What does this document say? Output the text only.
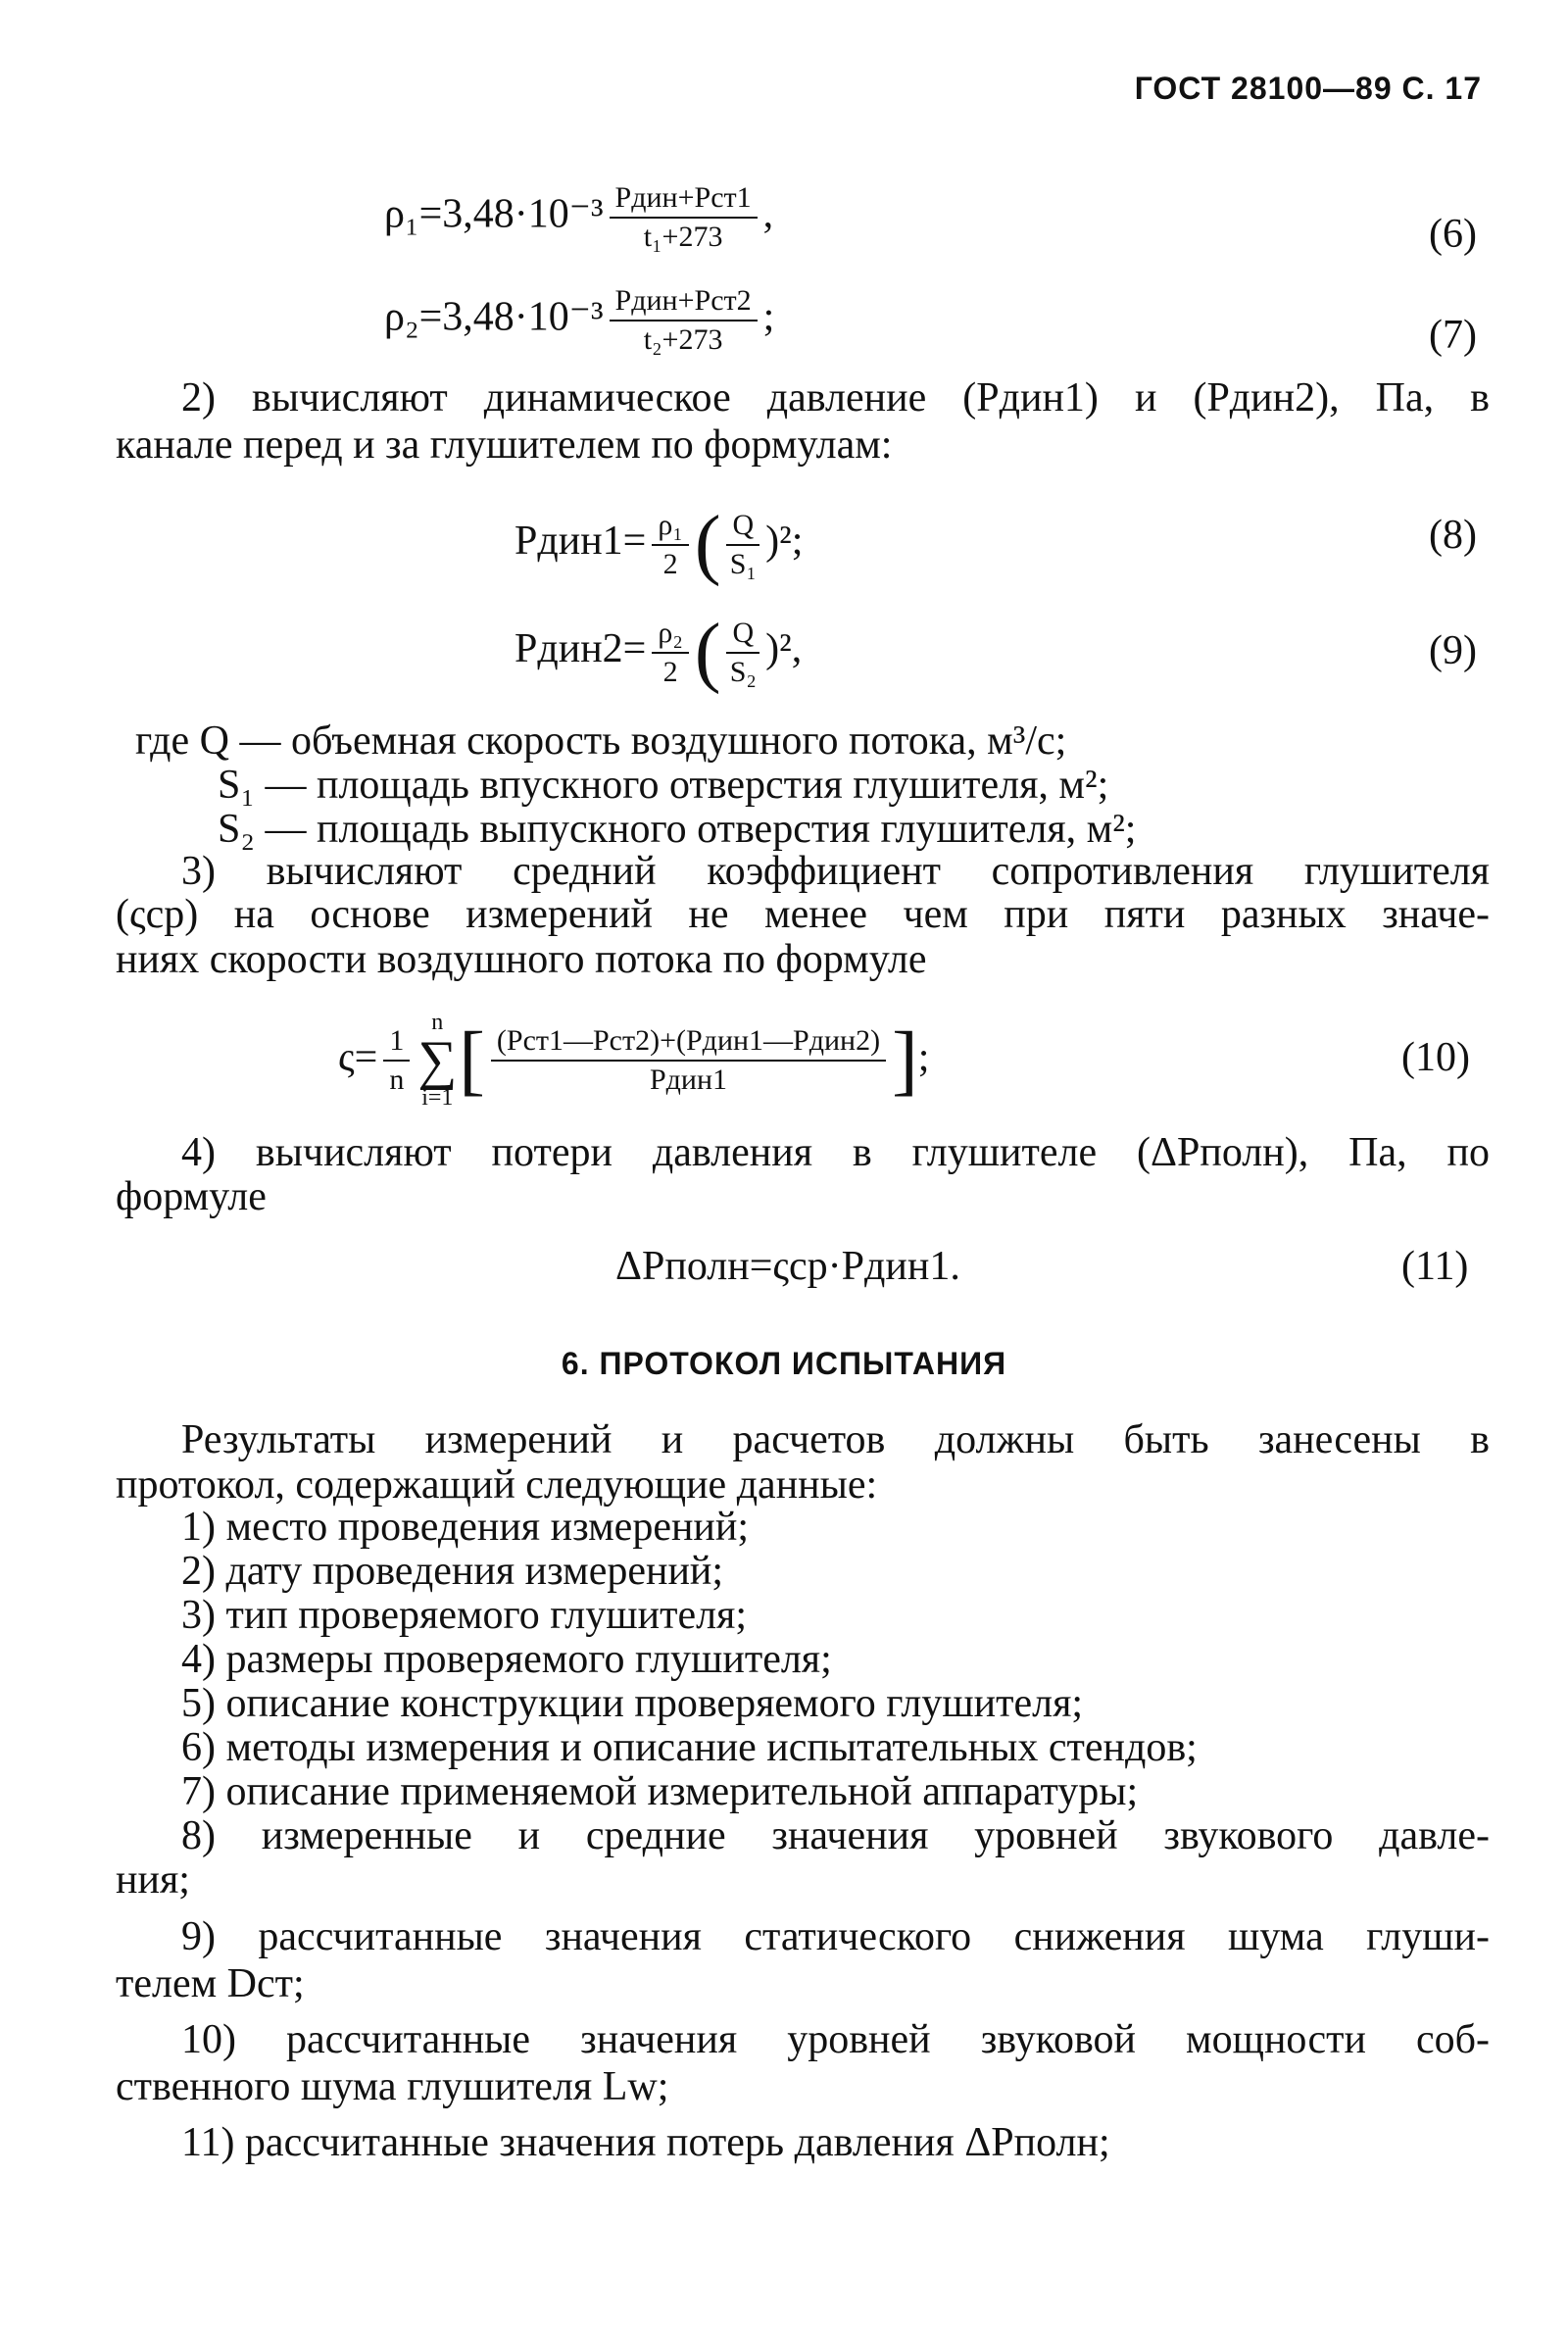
ГОСТ 28100—89 С. 17
$\rho_1=3,48\cdot 10^{-3} \frac{\text{Pдин+Pст1}}{\text{t₁+273}}$ ,	(6)
$\rho_2=3,48\cdot 10^{-3} \frac{\text{Pдин+Pст2}}{\text{t₂+273}}$ ;	(7)
2) вычисляют динамическое давление (Pдин1) и (Pдин2), Па, в
канале перед и за глушителем по формулам:
Pдин1= $\frac{\text{ρ₁}}{2}$ ( $\frac{Q}{\text{S₁}} )^2$;	(8)
Pдин2= $\frac{\text{ρ₂}}{2}$ ( $\frac{Q}{\text{S₂}} )^2$,	(9)
где Q — объемная скорость воздушного потока, м³/с;
S₁ — площадь впускного отверстия глушителя, м²;
S₂ — площадь выпускного отверстия глушителя, м²;
3) вычисляют средний коэффициент сопротивления глушителя
(ςср) на основе измерений не менее чем при пяти разных значе-
ниях скорости воздушного потока по формуле
$\varsigma= \frac{1}{n}$
n
∑
i=1 [ $\frac{\text{(Pст1—Pст2)+(Pдин1—Pдин2)}}{\text{Pдин1}}$ ];	(10)
4) вычисляют потери давления в глушителе (ΔPполн), Па, по
формуле
ΔPполн=ςср·Pдин1.	(11)
6. ПРОТОКОЛ ИСПЫТАНИЯ
Результаты измерений и расчетов должны быть занесены в
протокол, содержащий следующие данные:
1) место проведения измерений;
2) дату проведения измерений;
3) тип проверяемого глушителя;
4) размеры проверяемого глушителя;
5) описание конструкции проверяемого глушителя;
6) методы измерения и описание испытательных стендов;
7) описание применяемой измерительной аппаратуры;
8) измеренные и средние значения уровней звукового давле-
ния;
9) рассчитанные значения статического снижения шума глуши-
телем Dст;
10) рассчитанные значения уровней звуковой мощности соб-
ственного шума глушителя Lw;
11) рассчитанные значения потерь давления ΔPполн;
